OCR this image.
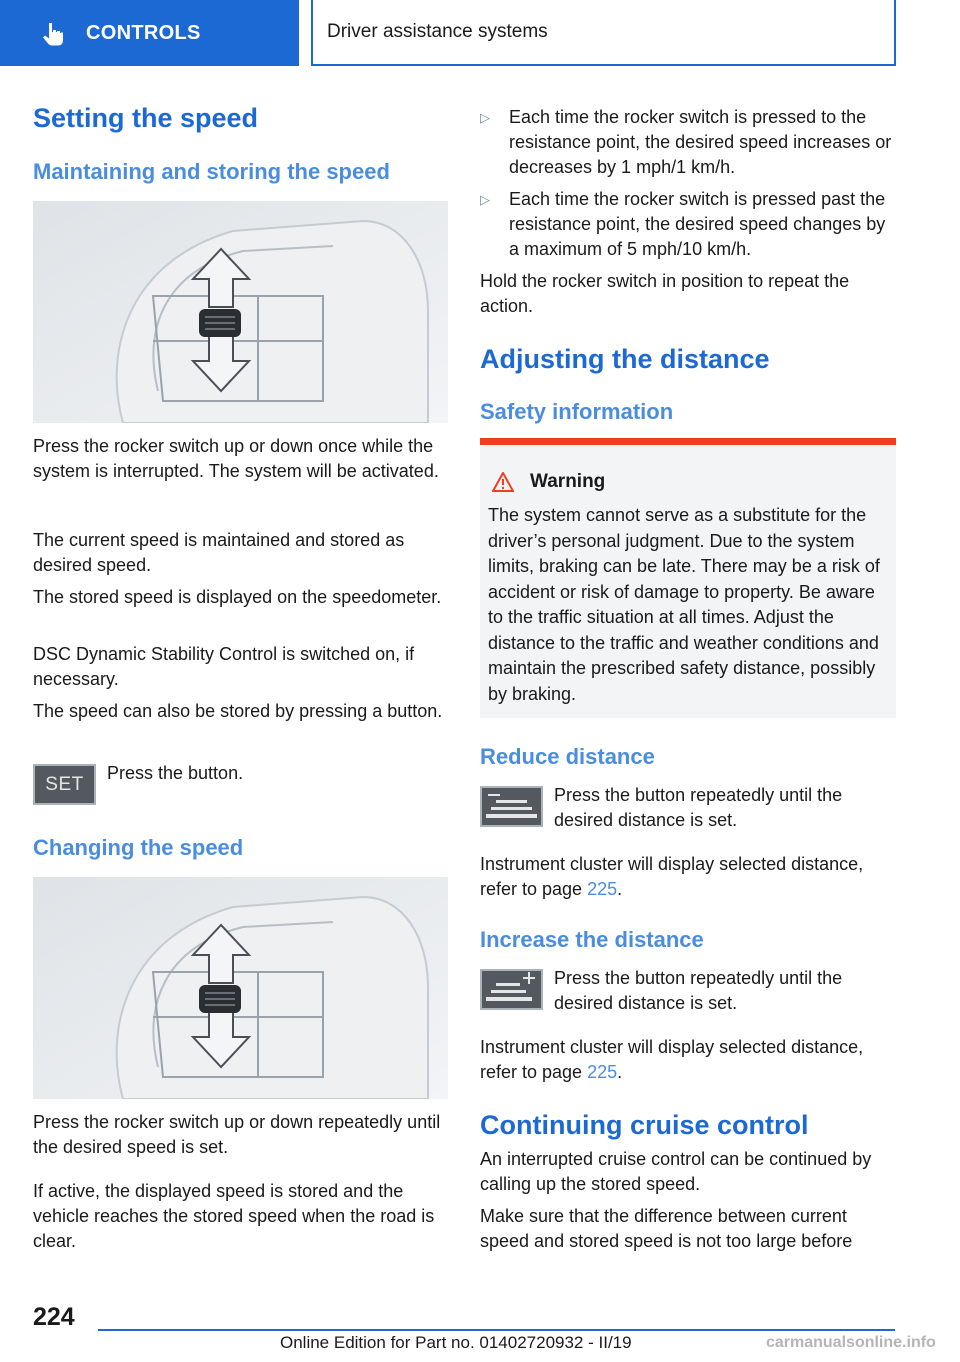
CONTROLS	Driver assistance systems
Setting the speed
Maintaining and storing the speed
Press the rocker switch up or down once while the system is interrupted. The system will be activated.
The current speed is maintained and stored as desired speed.
The stored speed is displayed on the speedometer.
DSC Dynamic Stability Control is switched on, if necessary.
The speed can also be stored by pressing a button.
SET
Press the button.
Changing the speed
Press the rocker switch up or down repeatedly until the desired speed is set.
If active, the displayed speed is stored and the vehicle reaches the stored speed when the road is clear.
▷ Each time the rocker switch is pressed to the resistance point, the desired speed increases or decreases by 1 mph/1 km/h.
▷ Each time the rocker switch is pressed past the resistance point, the desired speed changes by a maximum of 5 mph/10 km/h.
Hold the rocker switch in position to repeat the action.
Adjusting the distance
Safety information
Warning
The system cannot serve as a substitute for the driver’s personal judgment. Due to the system limits, braking can be late. There may be a risk of accident or risk of damage to property. Be aware to the traffic situation at all times. Adjust the distance to the traffic and weather conditions and maintain the prescribed safety distance, possibly by braking.
Reduce distance
Press the button repeatedly until the desired distance is set.
Instrument cluster will display selected distance, refer to page 225.
Increase the distance
Press the button repeatedly until the desired distance is set.
Instrument cluster will display selected distance, refer to page 225.
Continuing cruise control
An interrupted cruise control can be continued by calling up the stored speed.
Make sure that the difference between current speed and stored speed is not too large before
224
Online Edition for Part no. 01402720932 - II/19	carmanualsonline.info
